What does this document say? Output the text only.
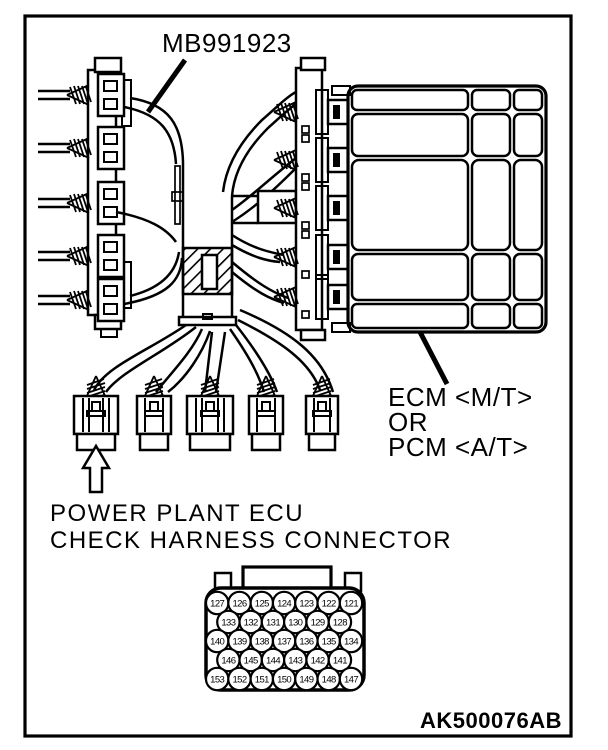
MB991923
ECM <M/T>
OR
PCM <A/T>
POWER PLANT ECU
CHECK HARNESS CONNECTOR
AK500076AB
127 126 125 124 123 122 121
133 132 131 130 129 128
140 139 138 137 136 135 134
146 145 144 143 142 141
153 152 151 150 149 148 147
